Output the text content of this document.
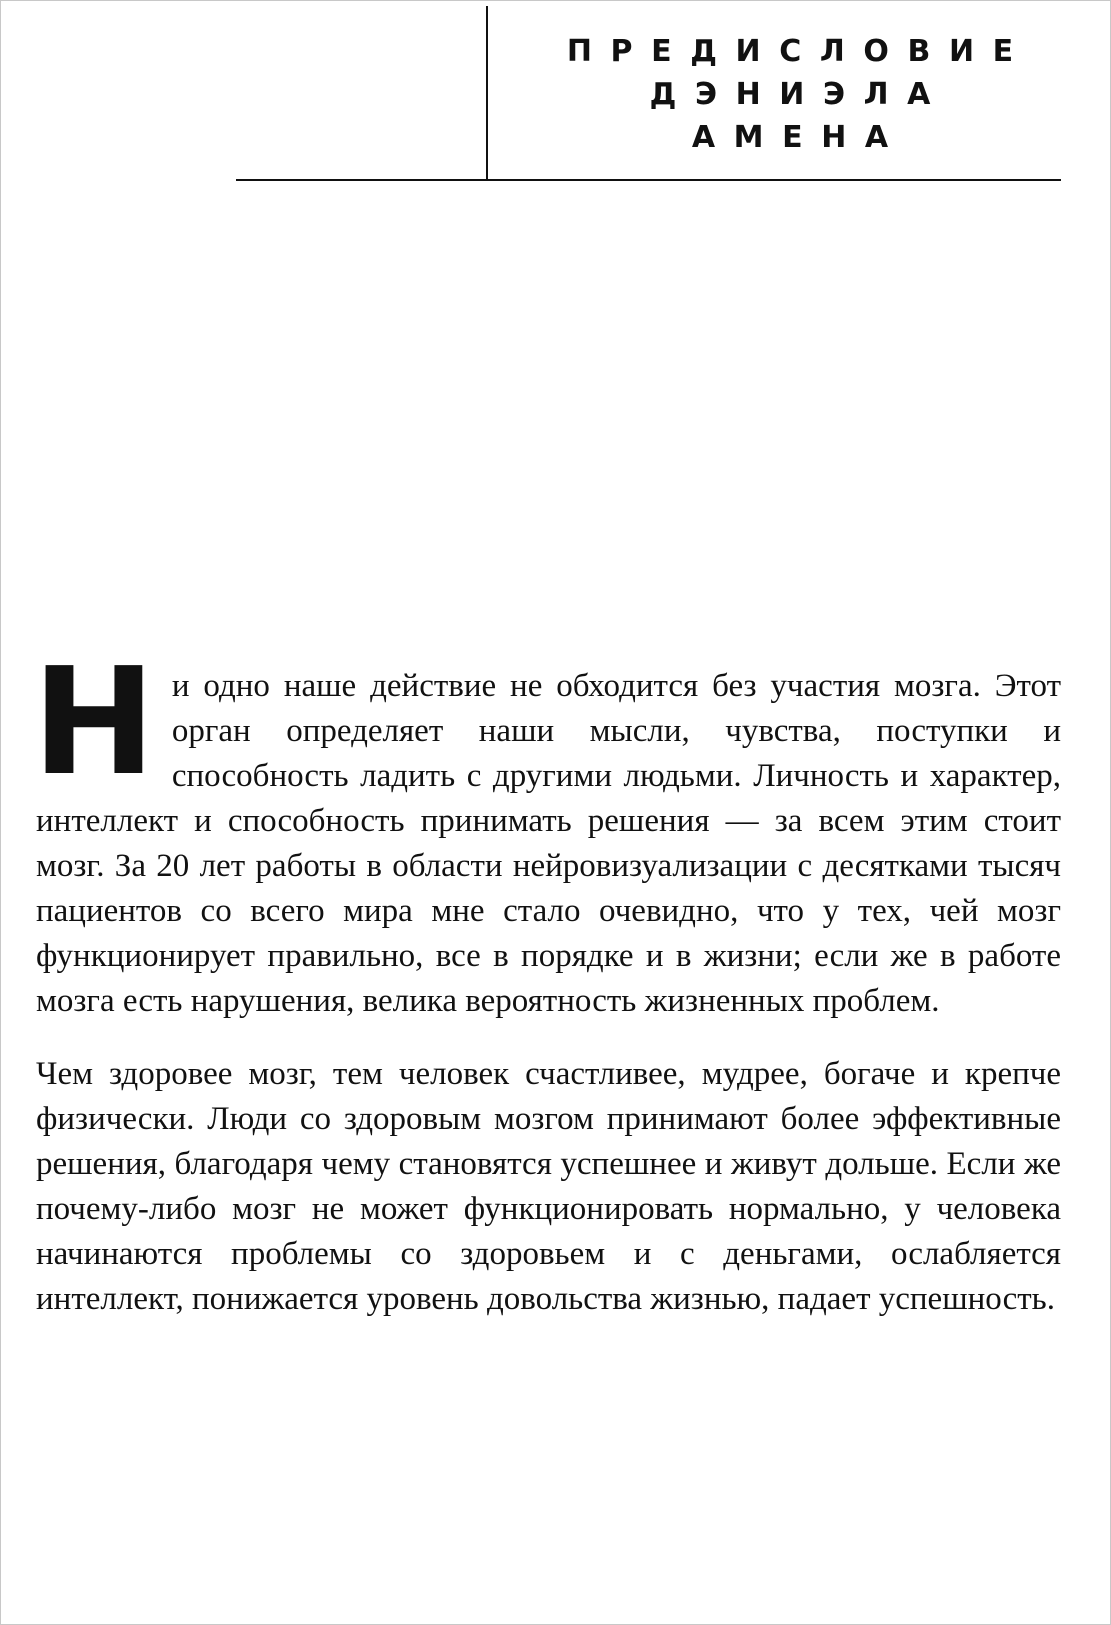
ПРЕДИСЛОВИЕ
ДЭНИЭЛА
АМЕНА

Ни одно наше действие не обходится без участия мозга. Этот орган определяет наши мысли, чувства, поступки и способность ладить с другими людьми. Личность и характер, интеллект и способность принимать решения — за всем этим стоит мозг. За 20 лет работы в области нейровизуализации с десятками тысяч пациентов со всего мира мне стало очевидно, что у тех, чей мозг функционирует правильно, все в порядке и в жизни; если же в работе мозга есть нарушения, велика вероятность жизненных проблем.

Чем здоровее мозг, тем человек счастливее, мудрее, богаче и крепче физически. Люди со здоровым мозгом принимают более эффективные решения, благодаря чему становятся успешнее и живут дольше. Если же почему-либо мозг не может функционировать нормально, у человека начинаются проблемы со здоровьем и с деньгами, ослабляется интеллект, понижается уровень довольства жизнью, падает успешность.
